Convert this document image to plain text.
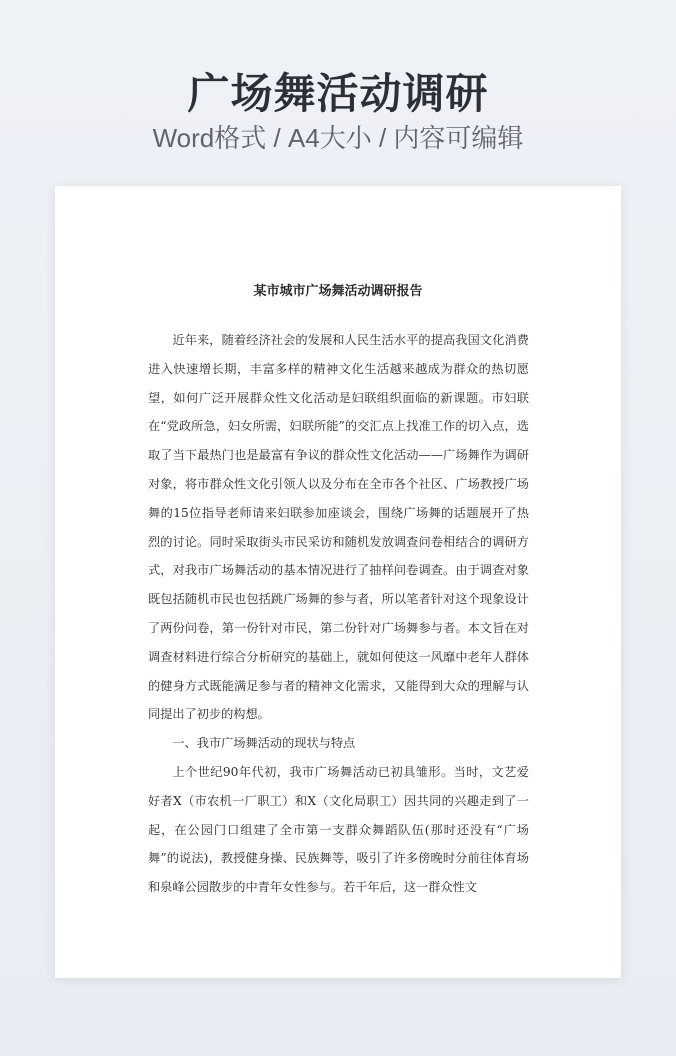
广场舞活动调研
Word格式 / A4大小 / 内容可编辑
某市城市广场舞活动调研报告

近年来，随着经济社会的发展和人民生活水平的提高我国文化消费进入快速增长期，丰富多样的精神文化生活越来越成为群众的热切愿望，如何广泛开展群众性文化活动是妇联组织面临的新课题。市妇联在“党政所急，妇女所需，妇联所能”的交汇点上找准工作的切入点，选取了当下最热门也是最富有争议的群众性文化活动——广场舞作为调研对象，将市群众性文化引领人以及分布在全市各个社区、广场教授广场舞的15位指导老师请来妇联参加座谈会，围绕广场舞的话题展开了热烈的讨论。同时采取街头市民采访和随机发放调查问卷相结合的调研方式，对我市广场舞活动的基本情况进行了抽样问卷调查。由于调查对象既包括随机市民也包括跳广场舞的参与者，所以笔者针对这个现象设计了两份问卷，第一份针对市民，第二份针对广场舞参与者。本文旨在对调查材料进行综合分析研究的基础上，就如何使这一风靡中老年人群体的健身方式既能满足参与者的精神文化需求，又能得到大众的理解与认同提出了初步的构想。

一、我市广场舞活动的现状与特点

上个世纪90年代初，我市广场舞活动已初具雏形。当时，文艺爱好者X（市农机一厂职工）和X（文化局职工）因共同的兴趣走到了一起，在公园门口组建了全市第一支群众舞蹈队伍(那时还没有“广场舞”的说法)，教授健身操、民族舞等，吸引了许多傍晚时分前往体育场和泉峰公园散步的中青年女性参与。若干年后，这一群众性文
